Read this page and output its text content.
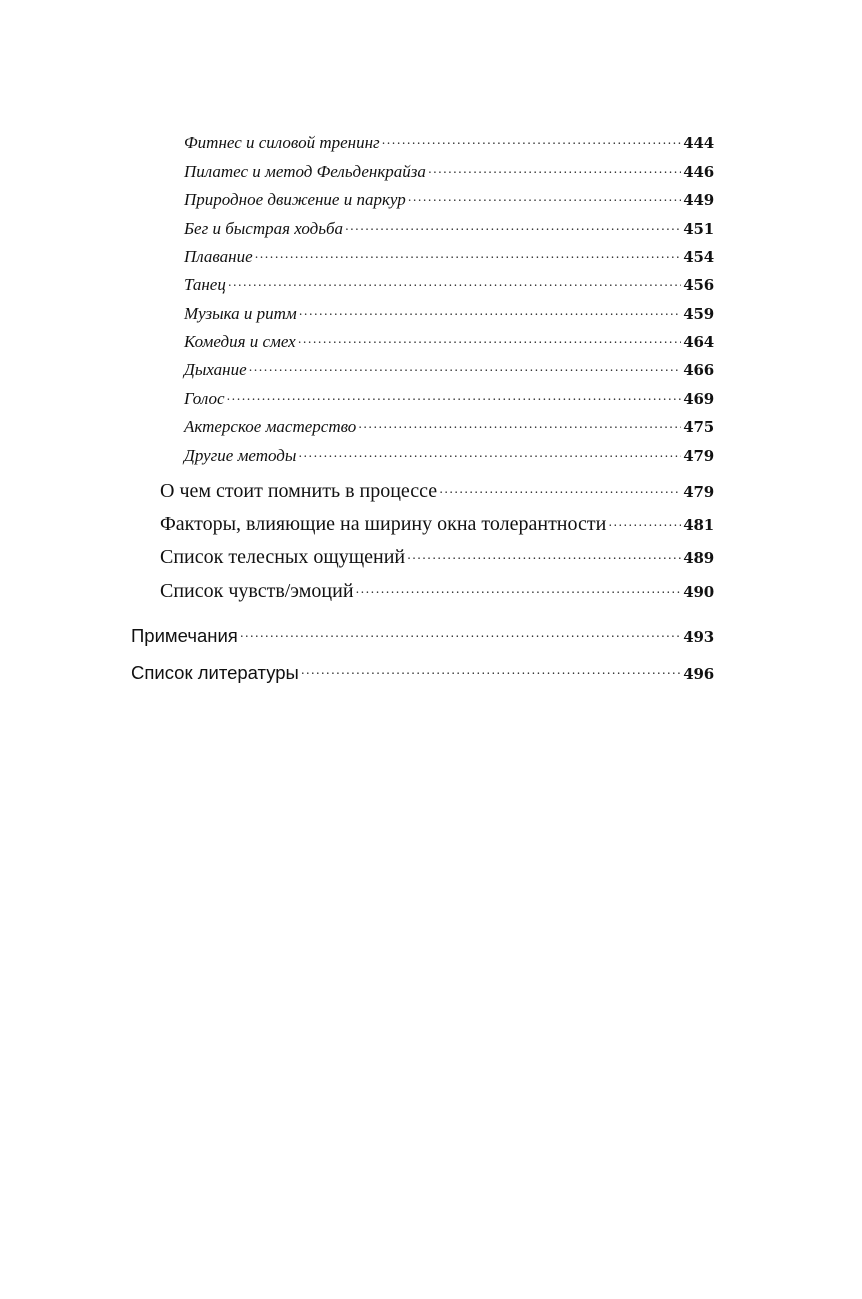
Фитнес и силовой тренинг .....	444
Пилатес и метод Фельденкрайза .....	446
Природное движение и паркур .....	449
Бег и быстрая ходьба .....	451
Плавание .....	454
Танец .....	456
Музыка и ритм .....	459
Комедия и смех .....	464
Дыхание .....	466
Голос .....	469
Актерское мастерство .....	475
Другие методы .....	479
О чем стоит помнить в процессе .....	479
Факторы, влияющие на ширину окна толерантности .....	481
Список телесных ощущений .....	489
Список чувств/эмоций .....	490
Примечания .....	493
Список литературы .....	496
